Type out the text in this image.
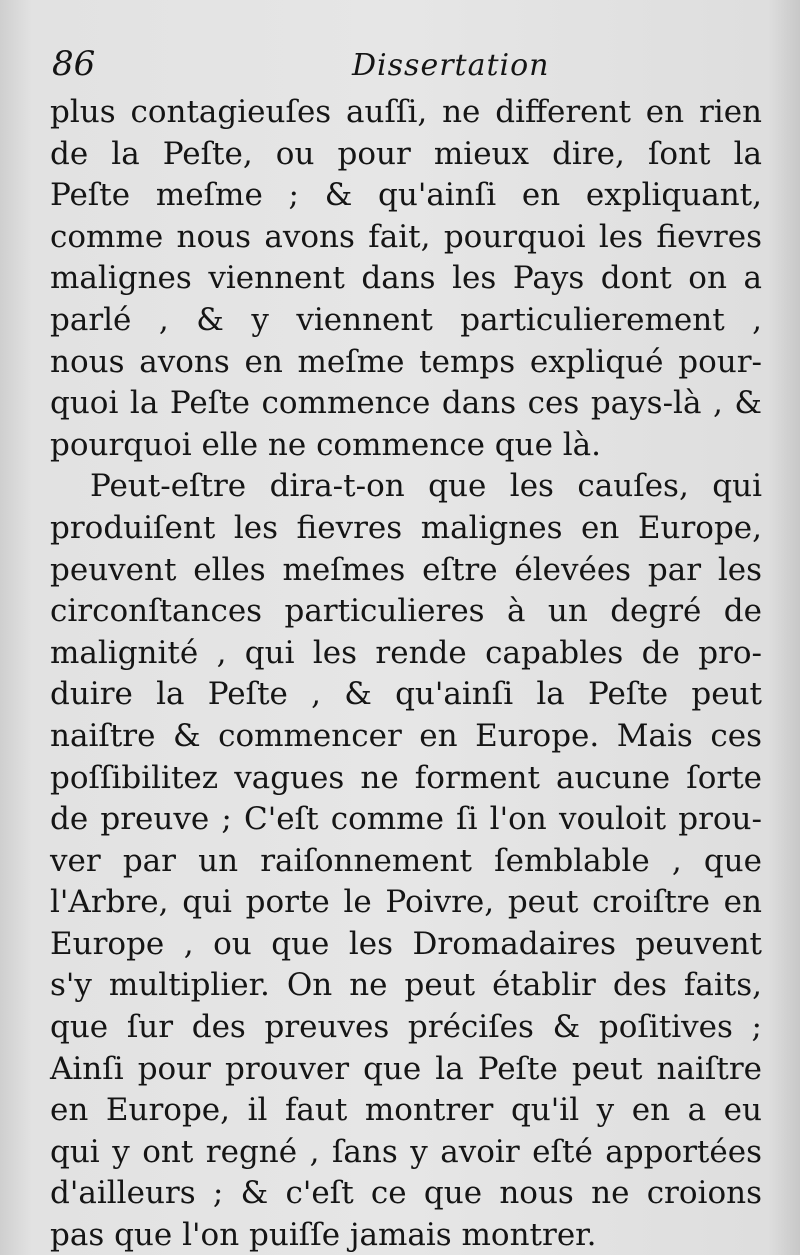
86	Dissertation
plus contagieuſes auſſi, ne different en rien
de la Peſte, ou pour mieux dire, ſont la
Peſte meſme ; & qu'ainſi en expliquant,
comme nous avons fait, pourquoi les fievres
malignes viennent dans les Pays dont on a
parlé , & y viennent particulierement ,
nous avons en meſme temps expliqué pour-
quoi la Peſte commence dans ces pays-là , &
pourquoi elle ne commence que là.
Peut-eſtre dira-t-on que les cauſes, qui
produiſent les fievres malignes en Europe,
peuvent elles meſmes eſtre élevées par les
circonſtances particulieres à un degré de
malignité , qui les rende capables de pro-
duire la Peſte , & qu'ainſi la Peſte peut
naiſtre & commencer en Europe. Mais ces
poſſibilitez vagues ne forment aucune ſorte
de preuve ; C'eſt comme ſi l'on vouloit prou-
ver par un raiſonnement ſemblable , que
l'Arbre, qui porte le Poivre, peut croiſtre en
Europe , ou que les Dromadaires peuvent
s'y multiplier. On ne peut établir des faits,
que ſur des preuves préciſes & poſitives ;
Ainſi pour prouver que la Peſte peut naiſtre
en Europe, il faut montrer qu'il y en a eu
qui y ont regné , ſans y avoir eſté apportées
d'ailleurs ; & c'eſt ce que nous ne croions
pas que l'on puiſſe jamais montrer.
